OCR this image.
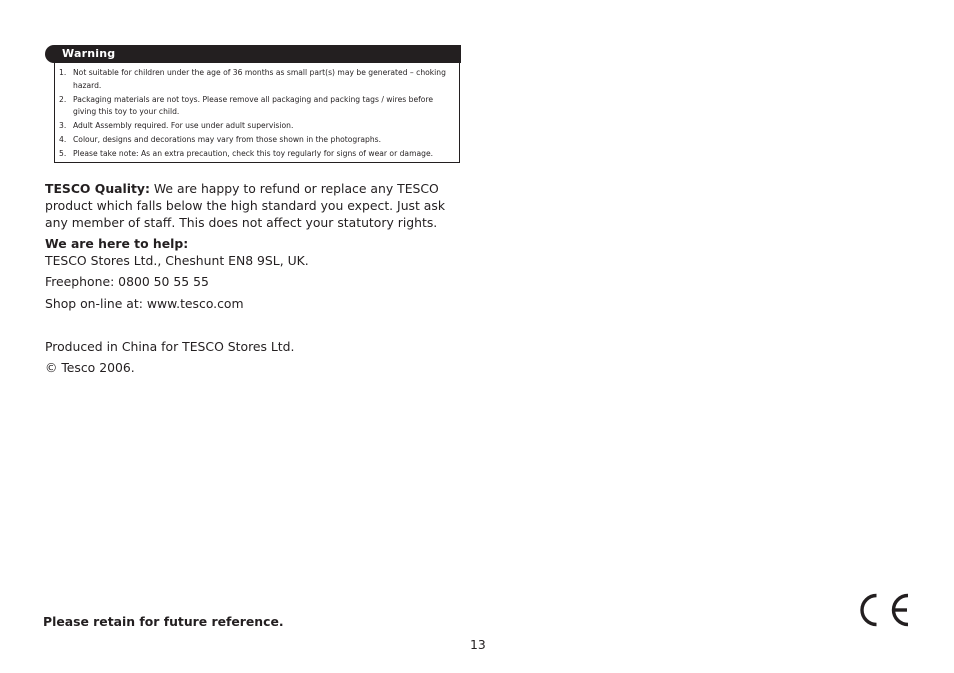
Warning
1. Not suitable for children under the age of 36 months as small part(s) may be generated – choking hazard.
2. Packaging materials are not toys. Please remove all packaging and packing tags / wires before giving this toy to your child.
3. Adult Assembly required. For use under adult supervision.
4. Colour, designs and decorations may vary from those shown in the photographs.
5. Please take note: As an extra precaution, check this toy regularly for signs of wear or damage.

TESCO Quality: We are happy to refund or replace any TESCO product which falls below the high standard you expect. Just ask any member of staff. This does not affect your statutory rights.

We are here to help:

TESCO Stores Ltd., Cheshunt EN8 9SL, UK.

Freephone: 0800 50 55 55

Shop on-line at: www.tesco.com

Produced in China for TESCO Stores Ltd.

© Tesco 2006.

Please retain for future reference.
13
